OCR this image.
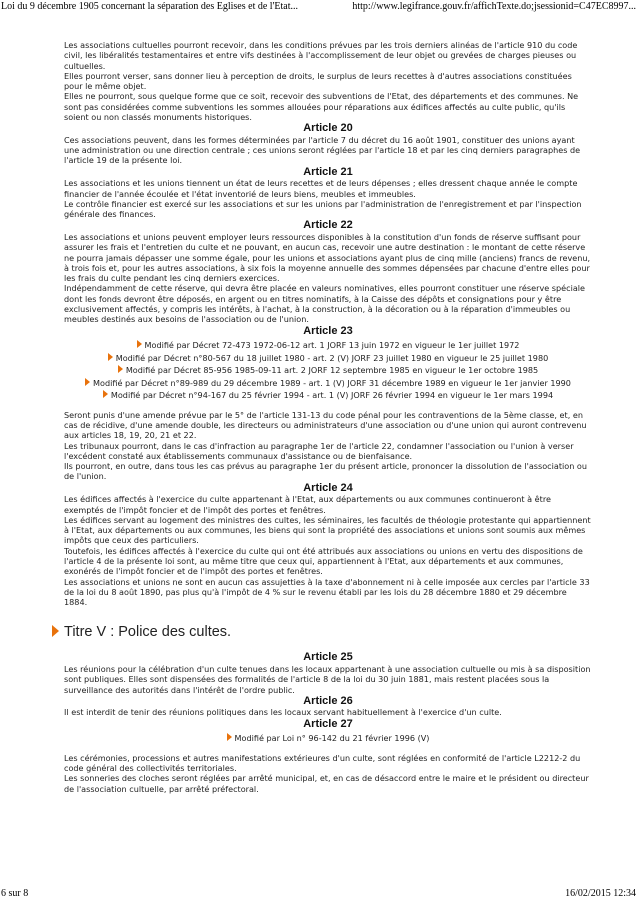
Loi du 9 décembre 1905 concernant la séparation des Eglises et de l'Etat...	http://www.legifrance.gouv.fr/affichTexte.do;jsessionid=C47EC8997...

Les associations cultuelles pourront recevoir, dans les conditions prévues par les trois derniers alinéas de l'article 910 du code civil, les libéralités testamentaires et entre vifs destinées à l'accomplissement de leur objet ou grevées de charges pieuses ou cultuelles.

Elles pourront verser, sans donner lieu à perception de droits, le surplus de leurs recettes à d'autres associations constituées pour le même objet.

Elles ne pourront, sous quelque forme que ce soit, recevoir des subventions de l'Etat, des départements et des communes. Ne sont pas considérées comme subventions les sommes allouées pour réparations aux édifices affectés au culte public, qu'ils soient ou non classés monuments historiques.

Article 20

Ces associations peuvent, dans les formes déterminées par l'article 7 du décret du 16 août 1901, constituer des unions ayant une administration ou une direction centrale ; ces unions seront réglées par l'article 18 et par les cinq derniers paragraphes de l'article 19 de la présente loi.

Article 21

Les associations et les unions tiennent un état de leurs recettes et de leurs dépenses ; elles dressent chaque année le compte financier de l'année écoulée et l'état inventorié de leurs biens, meubles et immeubles.

Le contrôle financier est exercé sur les associations et sur les unions par l'administration de l'enregistrement et par l'inspection générale des finances.

Article 22

Les associations et unions peuvent employer leurs ressources disponibles à la constitution d'un fonds de réserve suffisant pour assurer les frais et l'entretien du culte et ne pouvant, en aucun cas, recevoir une autre destination : le montant de cette réserve ne pourra jamais dépasser une somme égale, pour les unions et associations ayant plus de cinq mille (anciens) francs de revenu, à trois fois et, pour les autres associations, à six fois la moyenne annuelle des sommes dépensées par chacune d'entre elles pour les frais du culte pendant les cinq derniers exercices.

Indépendamment de cette réserve, qui devra être placée en valeurs nominatives, elles pourront constituer une réserve spéciale dont les fonds devront être déposés, en argent ou en titres nominatifs, à la Caisse des dépôts et consignations pour y être exclusivement affectés, y compris les intérêts, à l'achat, à la construction, à la décoration ou à la réparation d'immeubles ou meubles destinés aux besoins de l'association ou de l'union.

Article 23
Modifié par Décret 72-473 1972-06-12 art. 1 JORF 13 juin 1972 en vigueur le 1er juillet 1972
Modifié par Décret n°80-567 du 18 juillet 1980 - art. 2 (V) JORF 23 juillet 1980 en vigueur le 25 juillet 1980
Modifié par Décret 85-956 1985-09-11 art. 2 JORF 12 septembre 1985 en vigueur le 1er octobre 1985
Modifié par Décret n°89-989 du 29 décembre 1989 - art. 1 (V) JORF 31 décembre 1989 en vigueur le 1er janvier 1990
Modifié par Décret n°94-167 du 25 février 1994 - art. 1 (V) JORF 26 février 1994 en vigueur le 1er mars 1994

Seront punis d'une amende prévue par le 5° de l'article 131-13 du code pénal pour les contraventions de la 5ème classe, et, en cas de récidive, d'une amende double, les directeurs ou administrateurs d'une association ou d'une union qui auront contrevenu aux articles 18, 19, 20, 21 et 22.

Les tribunaux pourront, dans le cas d'infraction au paragraphe 1er de l'article 22, condamner l'association ou l'union à verser l'excédent constaté aux établissements communaux d'assistance ou de bienfaisance.

Ils pourront, en outre, dans tous les cas prévus au paragraphe 1er du présent article, prononcer la dissolution de l'association ou de l'union.

Article 24

Les édifices affectés à l'exercice du culte appartenant à l'Etat, aux départements ou aux communes continueront à être exemptés de l'impôt foncier et de l'impôt des portes et fenêtres.

Les édifices servant au logement des ministres des cultes, les séminaires, les facultés de théologie protestante qui appartiennent à l'Etat, aux départements ou aux communes, les biens qui sont la propriété des associations et unions sont soumis aux mêmes impôts que ceux des particuliers.

Toutefois, les édifices affectés à l'exercice du culte qui ont été attribués aux associations ou unions en vertu des dispositions de l'article 4 de la présente loi sont, au même titre que ceux qui, appartiennent à l'Etat, aux départements et aux communes, exonérés de l'impôt foncier et de l'impôt des portes et fenêtres.

Les associations et unions ne sont en aucun cas assujetties à la taxe d'abonnement ni à celle imposée aux cercles par l'article 33 de la loi du 8 août 1890, pas plus qu'à l'impôt de 4 % sur le revenu établi par les lois du 28 décembre 1880 et 29 décembre 1884.

Titre V : Police des cultes.
Article 25

Les réunions pour la célébration d'un culte tenues dans les locaux appartenant à une association cultuelle ou mis à sa disposition sont publiques. Elles sont dispensées des formalités de l'article 8 de la loi du 30 juin 1881, mais restent placées sous la surveillance des autorités dans l'intérêt de l'ordre public.

Article 26

Il est interdit de tenir des réunions politiques dans les locaux servant habituellement à l'exercice d'un culte.

Article 27
Modifié par Loi n° 96-142 du 21 février 1996 (V)

Les cérémonies, processions et autres manifestations extérieures d'un culte, sont réglées en conformité de l'article L2212-2 du code général des collectivités territoriales.

Les sonneries des cloches seront réglées par arrêté municipal, et, en cas de désaccord entre le maire et le président ou directeur de l'association cultuelle, par arrêté préfectoral.

6 sur 8	16/02/2015 12:34
